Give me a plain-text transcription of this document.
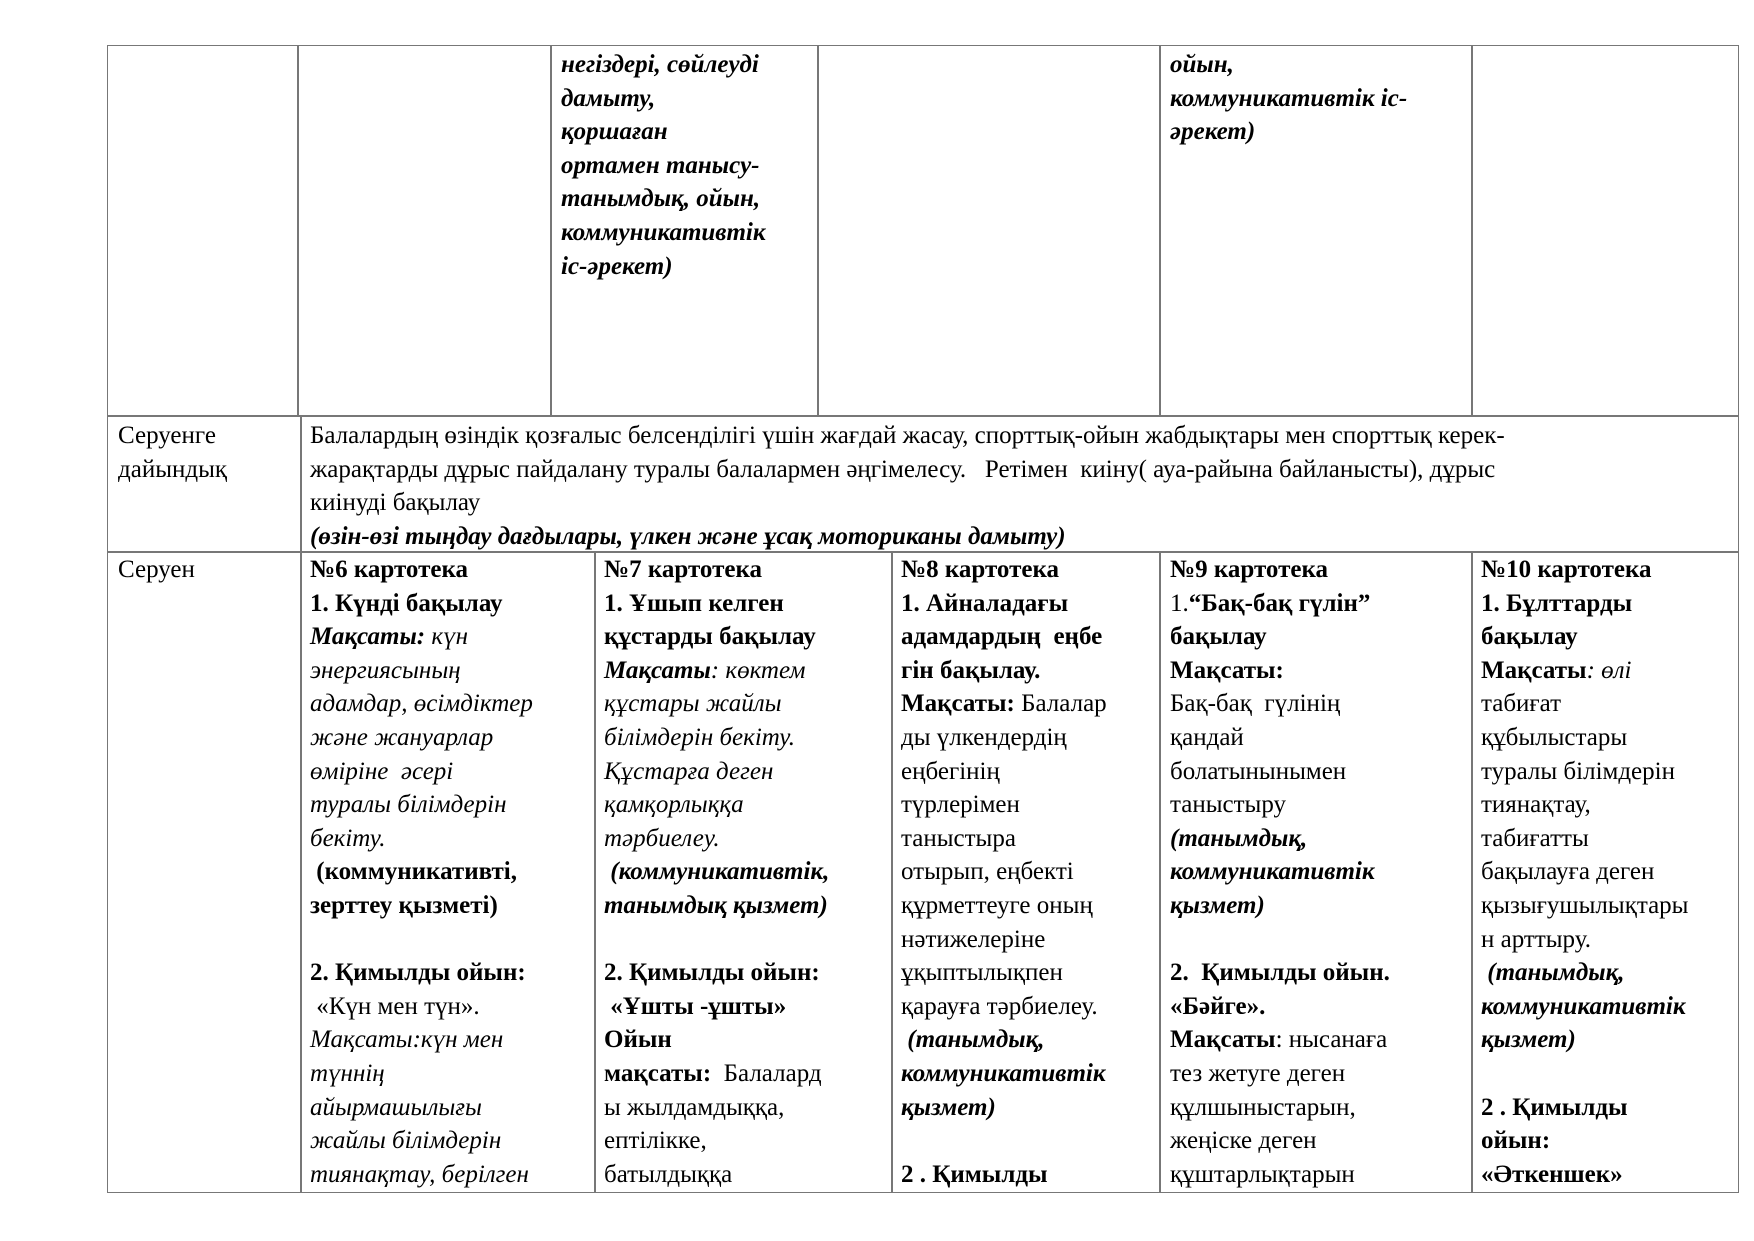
негіздері, сөйлеуді
дамыту,
қоршаған
ортамен танысу-
танымдық, ойын,
коммуникативтік
іс-әрекет)
ойын,
коммуникативтік іс-
әрекет)
Серуенге
дайындық
Балалардың өзіндік қозғалыс белсенділігі үшін жағдай жасау, спорттық-ойын жабдықтары мен спорттық керек-
жарақтарды дұрыс пайдалану туралы балалармен әңгімелесу.   Ретімен  киіну( ауа-райына байланысты), дұрыс
киінуді бақылау
(өзін-өзі тыңдау дағдылары, үлкен және ұсақ моториканы дамыту)
Серуен	№6 картотека
1. Күнді бақылау
Мақсаты: күн
энергиясының
адамдар, өсімдіктер
және жануарлар
өміріне  әсері
туралы білімдерін
бекіту.
(коммуникативті,
зерттеу қызметі)
2. Қимылды ойын:
«Күн мен түн».
Мақсаты:күн мен
түннің
айырмашылығы
жайлы білімдерін
тиянақтау, берілген
№7 картотека
1. Ұшып келген
құстарды бақылау
Мақсаты: көктем
құстары жайлы
білімдерін бекіту.
Құстарға деген
қамқорлыққа
тәрбиелеу.
(коммуникативтік,
танымдық қызмет)
2. Қимылды ойын:
«Ұшты -ұшты»
Ойын
мақсаты:  Балалард
ы жылдамдыққа,
ептілікке,
батылдыққа
№8 картотека
1. Айналадағы
адамдардың  еңбе
гін бақылау.
Мақсаты: Балалар
ды үлкендердің
еңбегінің
түрлерімен
таныстыра
отырып, еңбекті
құрметтеуге оның
нәтижелеріне
ұқыптылықпен
қарауға тәрбиелеу.
(танымдық,
коммуникативтік
қызмет)
2 . Қимылды
№9 картотека
1.“Бақ-бақ гүлін”
бақылау
Мақсаты:
Бақ-бақ  гүлінің
қандай
болатынынымен
таныстыру
(танымдық,
коммуникативтік
қызмет)
2.  Қимылды ойын.
«Бәйге».
Мақсаты: нысанаға
тез жетуге деген
құлшыныстарын,
жеңіске деген
құштарлықтарын
№10 картотека
1. Бұлттарды
бақылау
Мақсаты: өлі
табиғат
құбылыстары
туралы білімдерін
тиянақтау,
табиғатты
бақылауға деген
қызығушылықтары
н арттыру.
(танымдық,
коммуникативтік
қызмет)
2 . Қимылды
ойын:
«Әткеншек»
